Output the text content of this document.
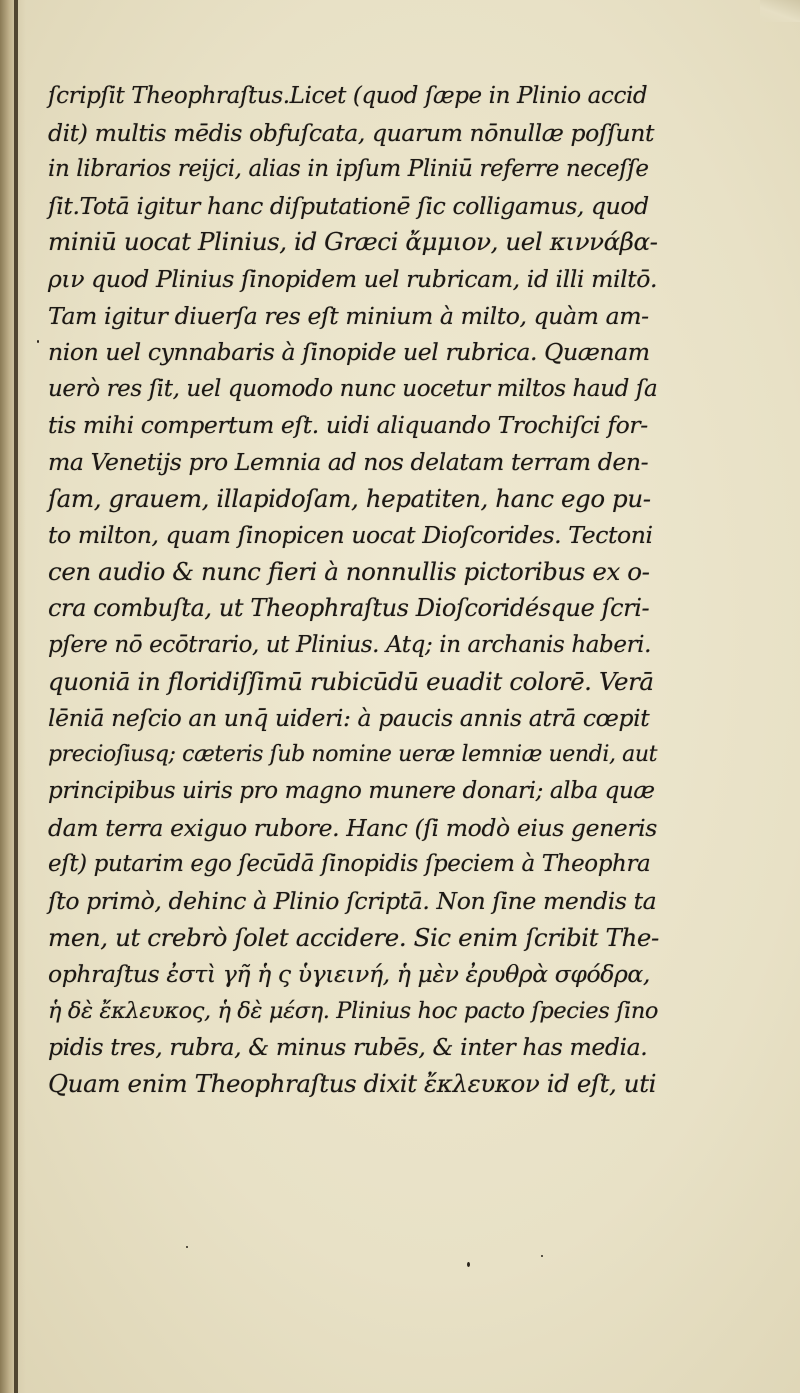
ſcripſit Theophraſtus.Licet (quod ſæpe in Plinio accid
dit) multis mēdis obfuſcata, quarum nōnullæ poſſunt
in librarios reijci, alias in ipſum Pliniū referre neceſſe
ſit.Totā igitur hanc diſputationē ſic colligamus, quod
miniū uocat Plinius, id Græci ἄμμιον, uel κιννάβα-
ριν quod Plinius ſinopidem uel rubricam, id illi miltō.
Tam igitur diuerſa res eſt minium à milto, quàm am-
nion uel cynnabaris à ſinopide uel rubrica. Quænam
uerò res ſit, uel quomodo nunc uocetur miltos haud ſa
tis mihi compertum eſt. uidi aliquando Trochiſci for-
ma Venetijs pro Lemnia ad nos delatam terram den-
ſam, grauem, illapidoſam, hepatiten, hanc ego pu-
to milton, quam ſinopicen uocat Dioſcorides. Tectoni
cen audio & nunc fieri à nonnullis pictoribus ex o-
cra combuſta, ut Theophraſtus Dioſcoridésque ſcri-
pſere nō ecōtrario, ut Plinius. Atq; in archanis haberi.
quoniā in floridiſſimū rubicūdū euadit colorē. Verā
lēniā neſcio an unq̄ uideri: à paucis annis atrā cœpit
precioſiusq; cæteris ſub nomine ueræ lemniæ uendi, aut
principibus uiris pro magno munere donari; alba quæ
dam terra exiguo rubore. Hanc (ſi modò eius generis
eſt) putarim ego ſecūdā ſinopidis ſpeciem à Theophra
ſto primò, dehinc à Plinio ſcriptā. Non ſine mendis ta
men, ut crebrò ſolet accidere. Sic enim ſcribit The-
ophraſtus ἐστὶ γῆ ἡ ς ὑγιεινή, ἡ μὲν ἐρυθρὰ σφόδρα,
ἡ δὲ ἔκλευκος, ἡ δὲ μέση. Plinius hoc pacto ſpecies ſino
pidis tres, rubra, & minus rubēs, & inter has media.
Quam enim Theophraſtus dixit ἔκλευκον id eſt, uti
